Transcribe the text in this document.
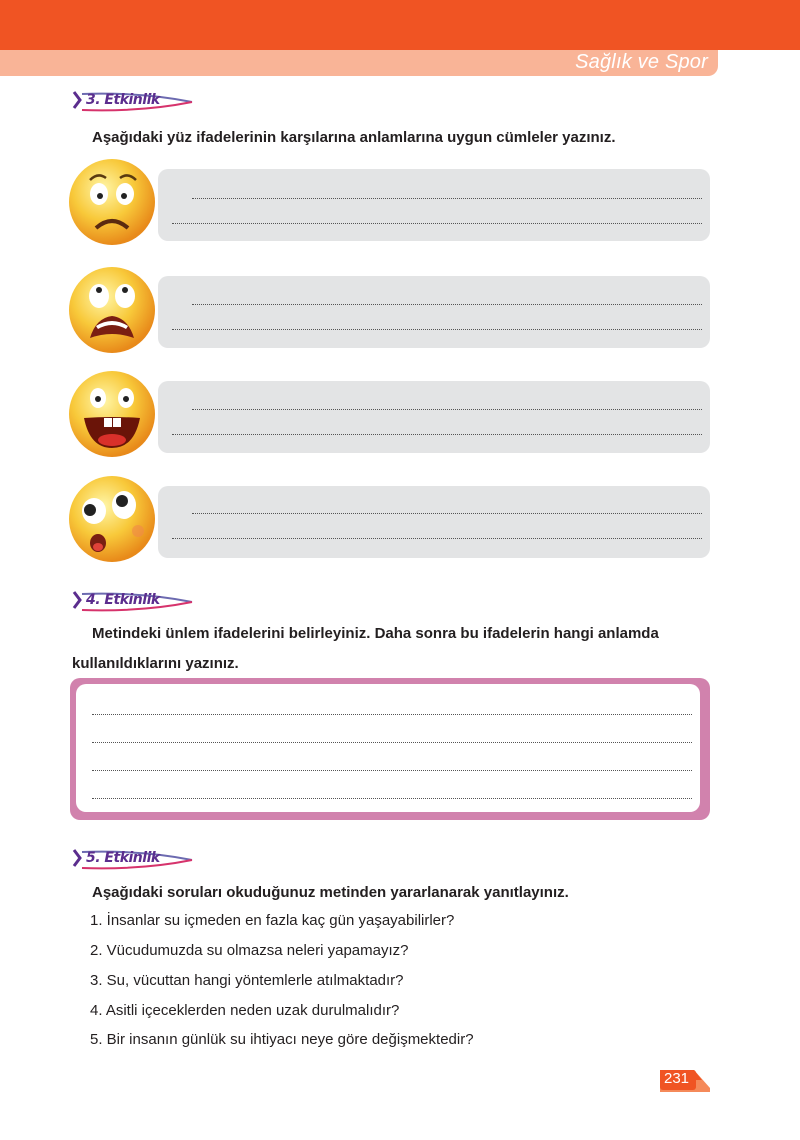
Sağlık ve Spor
3. Etkinlik
Aşağıdaki yüz ifadelerinin karşılarına anlamlarına uygun cümleler yazınız.
4. Etkinlik
Metindeki ünlem ifadelerini belirleyiniz. Daha sonra bu ifadelerin hangi anlamda kullanıldıklarını yazınız.
5. Etkinlik
Aşağıdaki soruları okuduğunuz metinden yararlanarak yanıtlayınız.
1. İnsanlar su içmeden en fazla kaç gün yaşayabilirler?
2. Vücudumuzda su olmazsa neleri yapamayız?
3. Su, vücuttan hangi yöntemlerle atılmaktadır?
4. Asitli içeceklerden neden uzak durulmalıdır?
5. Bir insanın günlük su ihtiyacı neye göre değişmektedir?
231
